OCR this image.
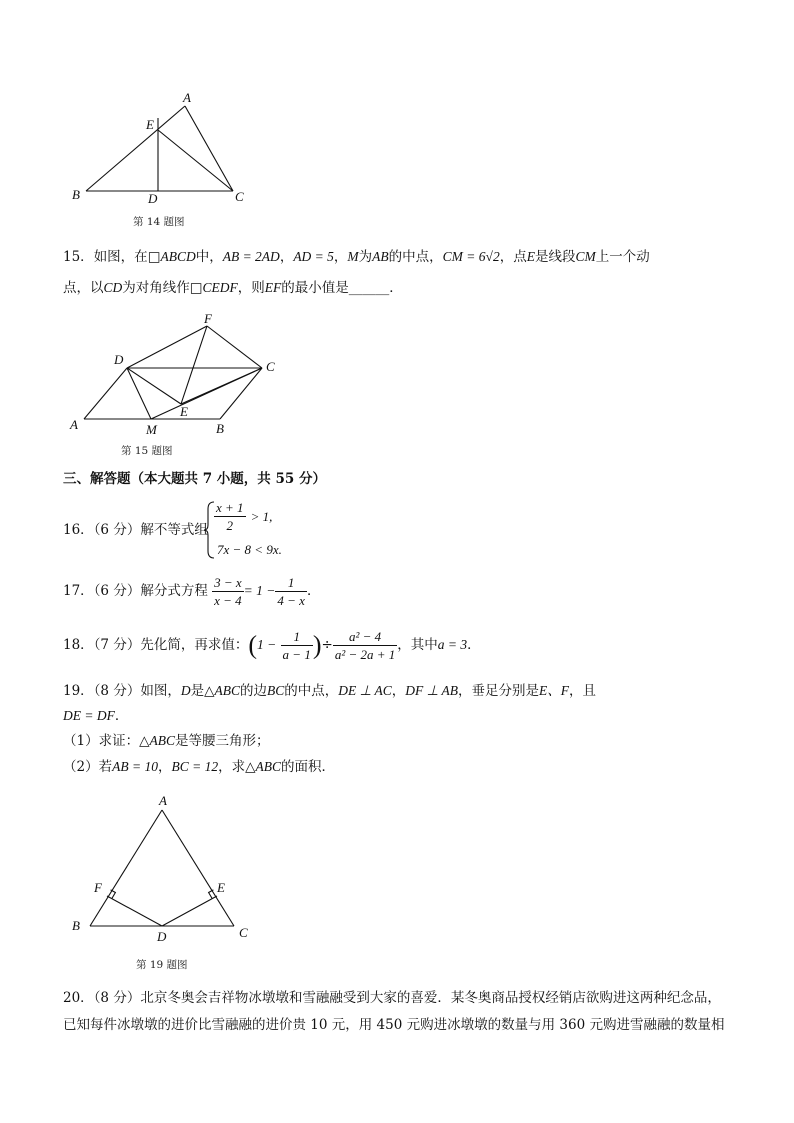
A
E
B	D	C
第 14 题图
15．如图，在□ABCD中，AB = 2AD，AD = 5，M为AB的中点，CM = 6√2，点E是线段CM上一个动
点，以CD为对角线作□CEDF，则EF的最小值是______．
F
D	C
E
A	M	B
第 15 题图
三、解答题（本大题共 7 小题，共 55 分）
16．（6 分）解不等式组 $\frac{x + 1}{2} > 1$,
7x − 8 < 9x.
17．（6 分）解分式方程 $\frac{3 - x}{x - 4} = 1 - \frac{1}{4 - x}$ ．
18．（7 分）先化简，再求值：($1 - \frac{1}{a - 1}$ )÷ $\frac{\text{a² − 4}}{\text{a² − 2a + 1}}$ ，其中a = 3．
19．（8 分）如图，D是△ABC的边BC的中点，DE ⊥ AC，DF ⊥ AB，垂足分别是E、F，且
DE = DF．
（1）求证：△ABC是等腰三角形；
（2）若AB = 10，BC = 12，求△ABC的面积．
A
F	E
B
D	C
第 19 题图
20．（8 分）北京冬奥会吉祥物冰墩墩和雪融融受到大家的喜爱．某冬奥商品授权经销店欲购进这两种纪念品，
已知每件冰墩墩的进价比雪融融的进价贵 10 元，用 450 元购进冰墩墩的数量与用 360 元购进雪融融的数量相
